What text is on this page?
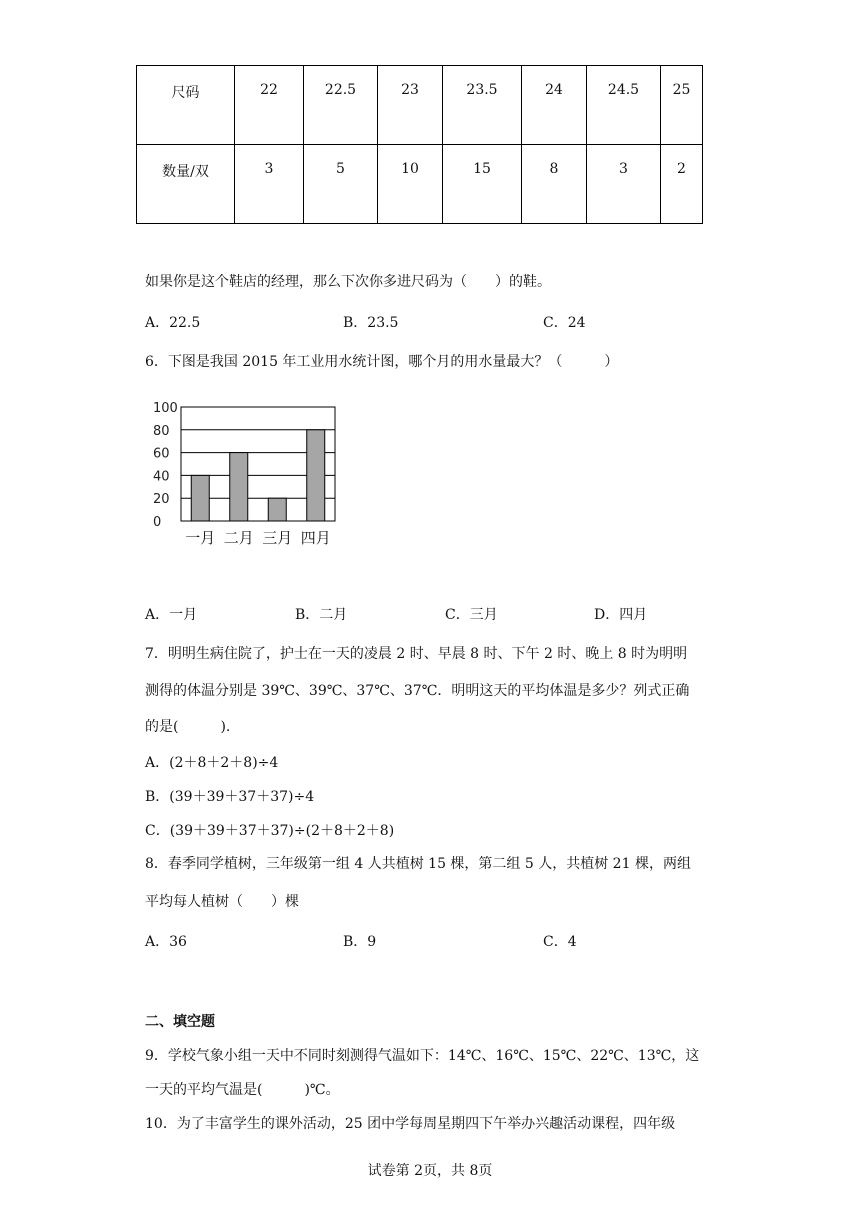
尺码	22	22.5	23	23.5	24	24.5	25
数量/双	3	5	10	15	8	3	2
如果你是这个鞋店的经理，那么下次你多进尺码为（　　）的鞋。
A．22.5	B．23.5	C．24
6．下图是我国 2015 年工业用水统计图，哪个月的用水量最大？（　　　）
0
20
40
60
80
100
一月 二月 三月 四月
A．一月	B．二月	C．三月	D．四月
7．明明生病住院了，护士在一天的凌晨 2 时、早晨 8 时、下午 2 时、晚上 8 时为明明
测得的体温分别是 39℃、39℃、37℃、37℃．明明这天的平均体温是多少？列式正确
的是(　　　).
A．(2＋8＋2＋8)÷4
B．(39＋39＋37＋37)÷4
C．(39＋39＋37＋37)÷(2＋8＋2＋8)
8．春季同学植树，三年级第一组 4 人共植树 15 棵，第二组 5 人，共植树 21 棵，两组
平均每人植树（　　）棵
A．36	B．9	C．4
二、填空题
9．学校气象小组一天中不同时刻测得气温如下：14℃、16℃、15℃、22℃、13℃，这
一天的平均气温是(　　　)℃。
10．为了丰富学生的课外活动，25 团中学每周星期四下午举办兴趣活动课程，四年级
试卷第 2页，共 8页
